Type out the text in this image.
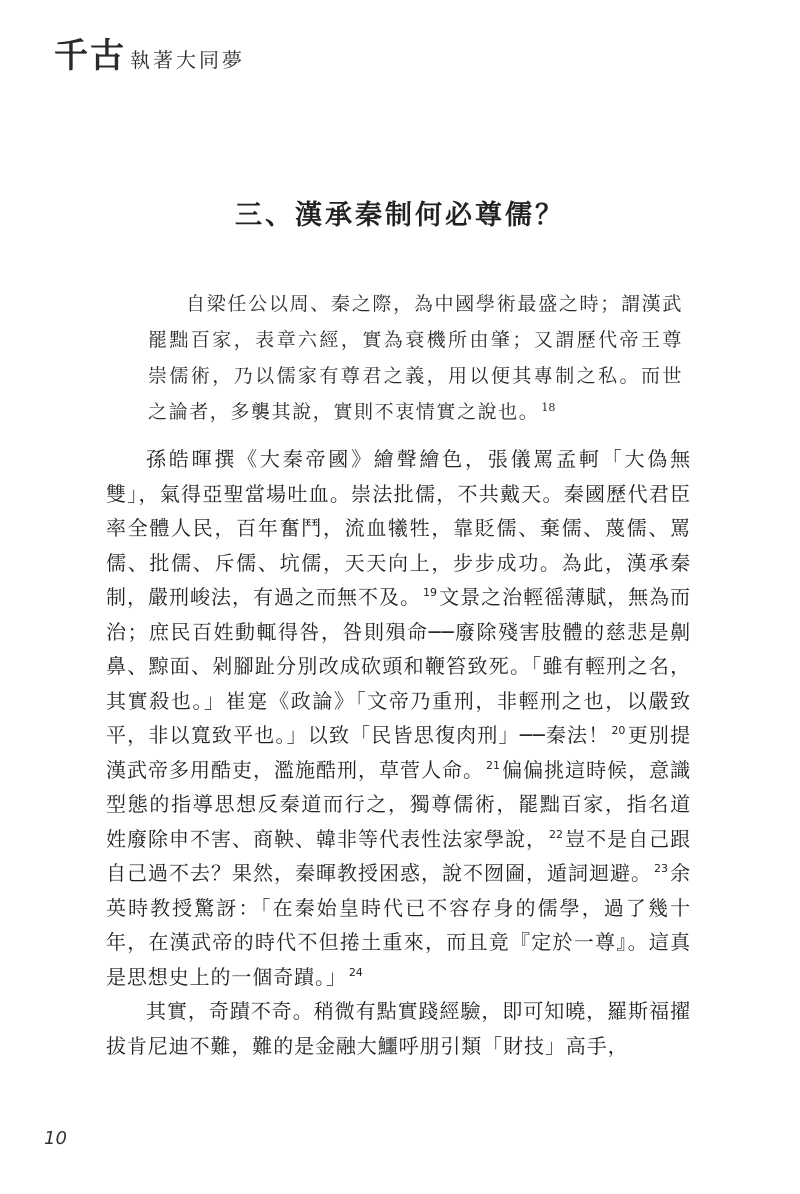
千古 執著大同夢
三、漢承秦制何必尊儒？

自梁任公以周、秦之際，為中國學術最盛之時；謂漢武罷黜百家，表章六經，實為衰機所由肇；又謂歷代帝王尊崇儒術，乃以儒家有尊君之義，用以便其專制之私。而世之論者，多襲其說，實則不衷情實之說也。 $^{18}$

孫皓暉撰《大秦帝國》繪聲繪色，張儀罵孟軻「大偽無雙」，氣得亞聖當場吐血。崇法批儒，不共戴天。秦國歷代君臣率全體人民，百年奮鬥，流血犧牲，靠貶儒、棄儒、蔑儒、罵儒、批儒、斥儒、坑儒，天天向上，步步成功。為此，漢承秦制，嚴刑峻法，有過之而無不及。 $^{19}$ 文景之治輕徭薄賦，無為而治；庶民百姓動輒得咎，咎則殞命──廢除殘害肢體的慈悲是劓鼻、黥面、剁腳趾分別改成砍頭和鞭笞致死。「雖有輕刑之名，其實殺也。」崔寔《政論》「文帝乃重刑，非輕刑之也，以嚴致平，非以寬致平也。」以致「民皆思復肉刑」──秦法！ $^{20}$ 更別提漢武帝多用酷吏，濫施酷刑，草菅人命。 $^{21}$ 偏偏挑這時候，意識型態的指導思想反秦道而行之，獨尊儒術，罷黜百家，指名道姓廢除申不害、商鞅、韓非等代表性法家學說， $^{22}$ 豈不是自己跟自己過不去？果然，秦暉教授困惑，說不囫圇，遁詞迴避。 $^{23}$ 余英時教授驚訝：「在秦始皇時代已不容存身的儒學，過了幾十年，在漢武帝的時代不但捲土重來，而且竟『定於一尊』。這真是思想史上的一個奇蹟。」 $^{24}$

其實，奇蹟不奇。稍微有點實踐經驗，即可知曉，羅斯福擢拔肯尼迪不難，難的是金融大鱷呼朋引類「財技」高手，

10
